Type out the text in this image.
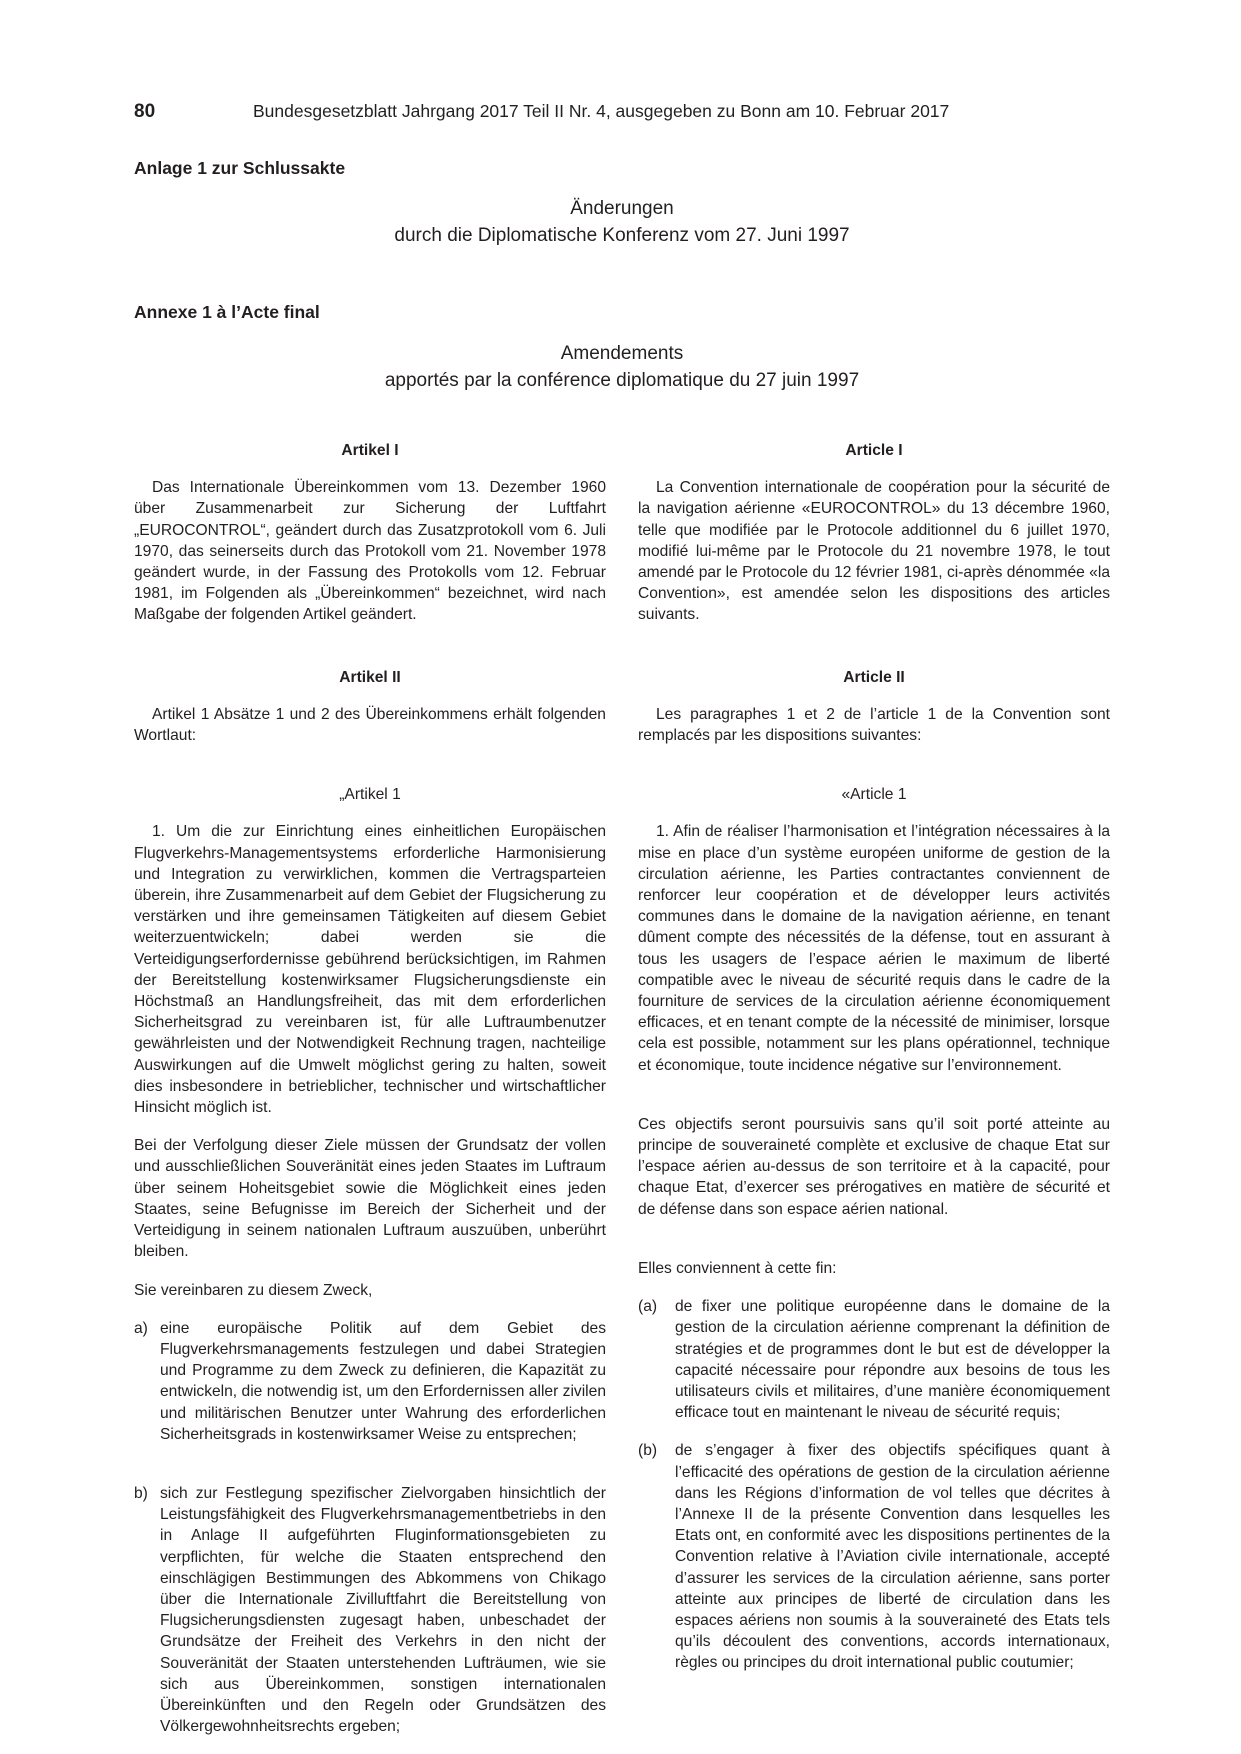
80	Bundesgesetzblatt Jahrgang 2017 Teil II Nr. 4, ausgegeben zu Bonn am 10. Februar 2017
Anlage 1 zur Schlussakte
Änderungen
durch die Diplomatische Konferenz vom 27. Juni 1997
Annexe 1 à l’Acte final
Amendements
apportés par la conférence diplomatique du 27 juin 1997

Artikel I

Das Internationale Übereinkommen vom 13. Dezember 1960 über Zusammenarbeit zur Sicherung der Luftfahrt „EUROCONTROL“, geändert durch das Zusatzprotokoll vom 6. Juli 1970, das seinerseits durch das Protokoll vom 21. November 1978 geändert wurde, in der Fassung des Protokolls vom 12. Februar 1981, im Folgenden als „Übereinkommen“ bezeichnet, wird nach Maßgabe der folgenden Artikel geändert.

Artikel II

Artikel 1 Absätze 1 und 2 des Übereinkommens erhält folgenden Wortlaut:

„Artikel 1

1. Um die zur Einrichtung eines einheitlichen Europäischen Flugverkehrs-Managementsystems erforderliche Harmonisierung und Integration zu verwirklichen, kommen die Vertragsparteien überein, ihre Zusammenarbeit auf dem Gebiet der Flugsicherung zu verstärken und ihre gemeinsamen Tätigkeiten auf diesem Gebiet weiterzuentwickeln; dabei werden sie die Verteidigungserfordernisse gebührend berücksichtigen, im Rahmen der Bereitstellung kostenwirksamer Flugsicherungsdienste ein Höchstmaß an Handlungsfreiheit, das mit dem erforderlichen Sicherheitsgrad zu vereinbaren ist, für alle Luftraumbenutzer gewährleisten und der Notwendigkeit Rechnung tragen, nachteilige Auswirkungen auf die Umwelt möglichst gering zu halten, soweit dies insbesondere in betrieblicher, technischer und wirtschaftlicher Hinsicht möglich ist.

Bei der Verfolgung dieser Ziele müssen der Grundsatz der vollen und ausschließlichen Souveränität eines jeden Staates im Luftraum über seinem Hoheitsgebiet sowie die Möglichkeit eines jeden Staates, seine Befugnisse im Bereich der Sicherheit und der Verteidigung in seinem nationalen Luftraum auszuüben, unberührt bleiben.

Sie vereinbaren zu diesem Zweck,

a) eine europäische Politik auf dem Gebiet des Flugverkehrsmanagements festzulegen und dabei Strategien und Programme zu dem Zweck zu definieren, die Kapazität zu entwickeln, die notwendig ist, um den Erfordernissen aller zivilen und militärischen Benutzer unter Wahrung des erforderlichen Sicherheitsgrads in kostenwirksamer Weise zu entsprechen;
b) sich zur Festlegung spezifischer Zielvorgaben hinsichtlich der Leistungsfähigkeit des Flugverkehrsmanagementbetriebs in den in Anlage II aufgeführten Fluginformationsgebieten zu verpflichten, für welche die Staaten entsprechend den einschlägigen Bestimmungen des Abkommens von Chikago über die Internationale Zivilluftfahrt die Bereitstellung von Flugsicherungsdiensten zugesagt haben, unbeschadet der Grundsätze der Freiheit des Verkehrs in den nicht der Souveränität der Staaten unterstehenden Lufträumen, wie sie sich aus Übereinkommen, sonstigen internationalen Übereinkünften und den Regeln oder Grundsätzen des Völkergewohnheitsrechts ergeben;

Article I

La Convention internationale de coopération pour la sécurité de la navigation aérienne «EUROCONTROL» du 13 décembre 1960, telle que modifiée par le Protocole additionnel du 6 juillet 1970, modifié lui-même par le Protocole du 21 novembre 1978, le tout amendé par le Protocole du 12 février 1981, ci-après dénommée «la Convention», est amendée selon les dispositions des articles suivants.

Article II

Les paragraphes 1 et 2 de l’article 1 de la Convention sont remplacés par les dispositions suivantes:

«Article 1

1. Afin de réaliser l’harmonisation et l’intégration nécessaires à la mise en place d’un système européen uniforme de gestion de la circulation aérienne, les Parties contractantes conviennent de renforcer leur coopération et de développer leurs activités communes dans le domaine de la navigation aérienne, en tenant dûment compte des nécessités de la défense, tout en assurant à tous les usagers de l’espace aérien le maximum de liberté compatible avec le niveau de sécurité requis dans le cadre de la fourniture de services de la circulation aérienne économiquement efficaces, et en tenant compte de la nécessité de minimiser, lorsque cela est possible, notamment sur les plans opérationnel, technique et économique, toute incidence négative sur l’environnement.

Ces objectifs seront poursuivis sans qu’il soit porté atteinte au principe de souveraineté complète et exclusive de chaque Etat sur l’espace aérien au-dessus de son territoire et à la capacité, pour chaque Etat, d’exercer ses prérogatives en matière de sécurité et de défense dans son espace aérien national.

Elles conviennent à cette fin:

(a)	de fixer une politique européenne dans le domaine de la gestion de la circulation aérienne comprenant la définition de stratégies et de programmes dont le but est de développer la capacité nécessaire pour répondre aux besoins de tous les utilisateurs civils et militaires, d’une manière économiquement efficace tout en maintenant le niveau de sécurité requis;
(b)	de s’engager à fixer des objectifs spécifiques quant à l’efficacité des opérations de gestion de la circulation aérienne dans les Régions d’information de vol telles que décrites à l’Annexe II de la présente Convention dans lesquelles les Etats ont, en conformité avec les dispositions pertinentes de la Convention relative à l’Aviation civile internationale, accepté d’assurer les services de la circulation aérienne, sans porter atteinte aux principes de liberté de circulation dans les espaces aériens non soumis à la souveraineté des Etats tels qu’ils découlent des conventions, accords internationaux, règles ou principes du droit international public coutumier;
